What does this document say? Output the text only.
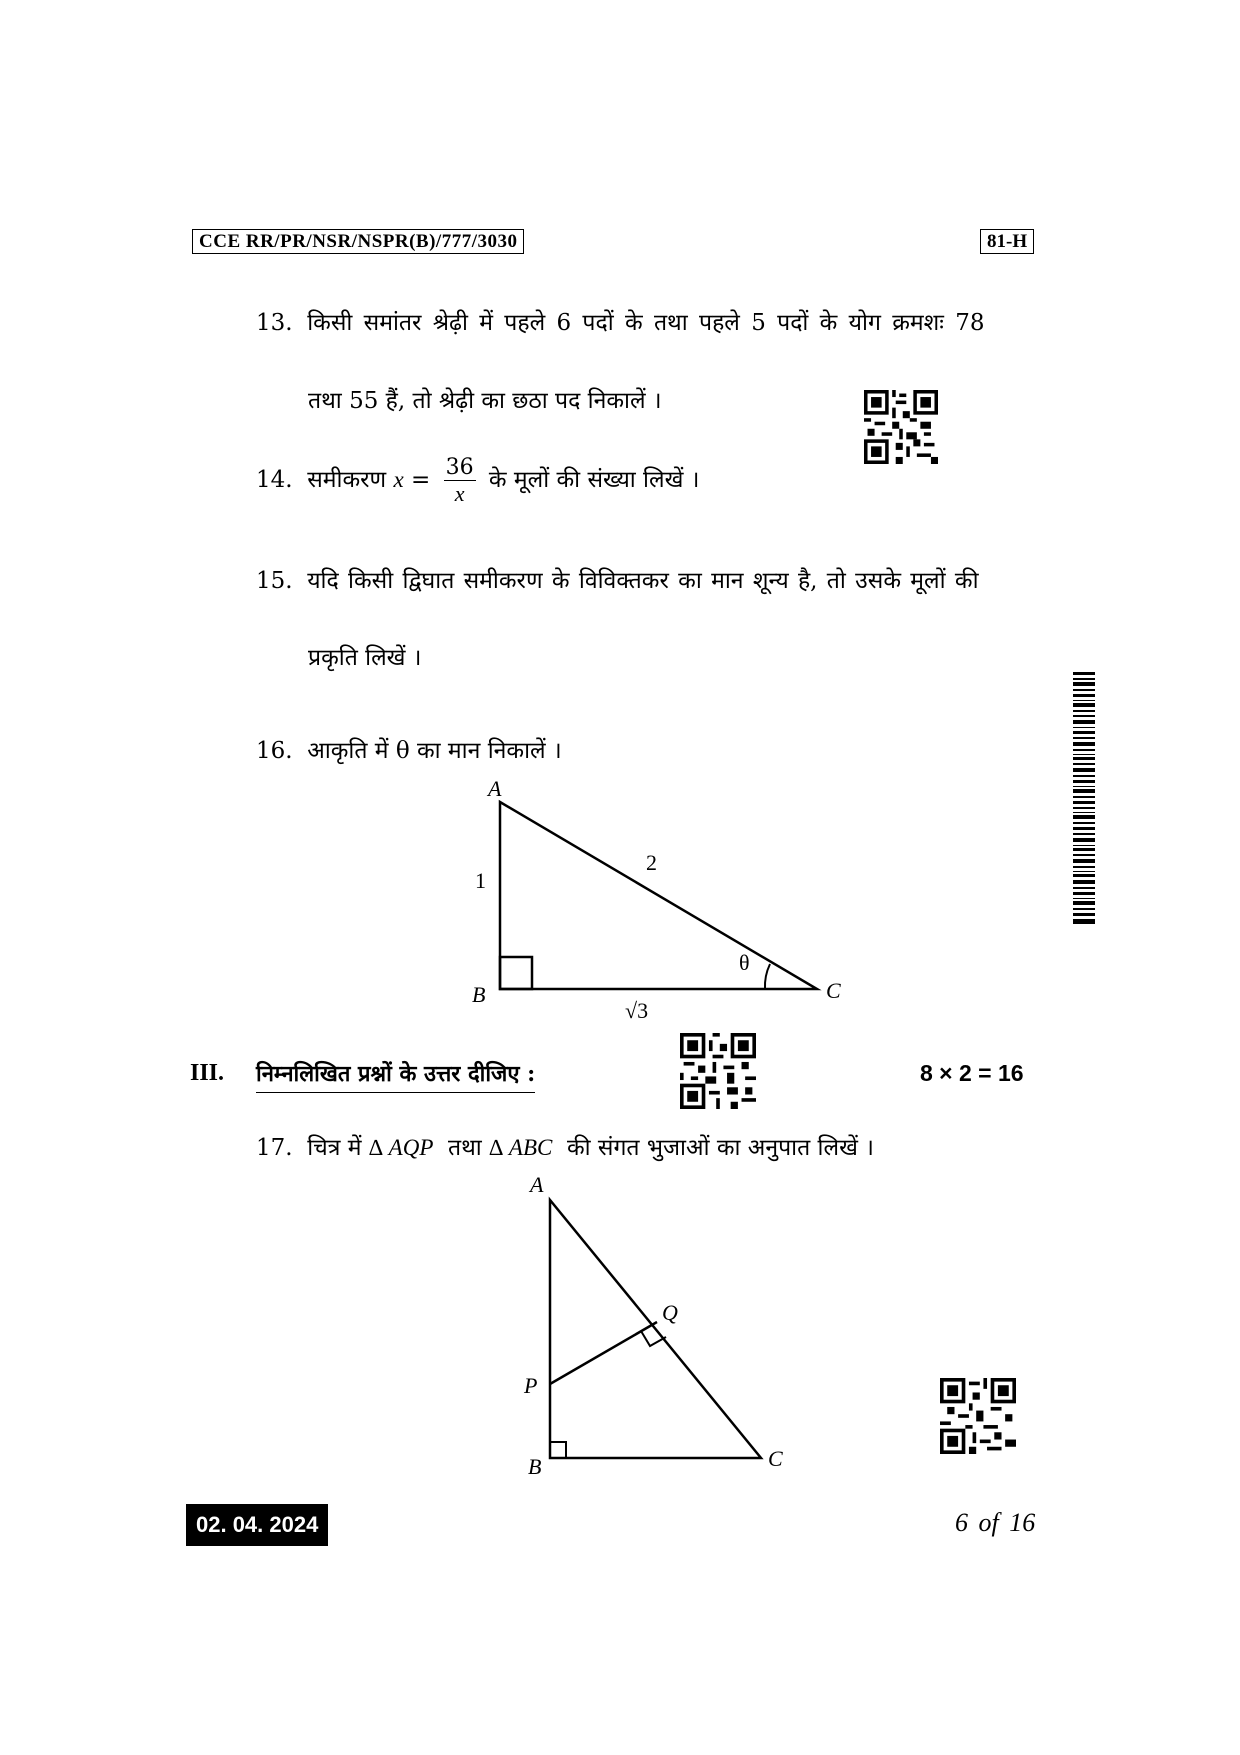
CCE RR/PR/NSR/NSPR(B)/777/3030	81-H
13. किसी समांतर श्रेढ़ी में पहले 6 पदों के तथा पहले 5 पदों के योग क्रमशः 78
तथा 55 हैं, तो श्रेढ़ी का छठा पद निकालें ।
14. समीकरण $x = \frac{36}{x}$ के मूलों की संख्या लिखें ।
15. यदि किसी द्विघात समीकरण के विविक्तकर का मान शून्य है, तो उसके मूलों की
प्रकृति लिखें ।
16. आकृति में θ का मान निकालें ।
A
B	C
1
2
√3
θ
III. निम्नलिखित प्रश्नों के उत्तर दीजिए :	8 × 2 = 16
17. चित्र में ∆ AQP तथा ∆ ABC की संगत भुजाओं का अनुपात लिखें ।
A
B	C
P
Q
02. 04. 2024	6 of 16
